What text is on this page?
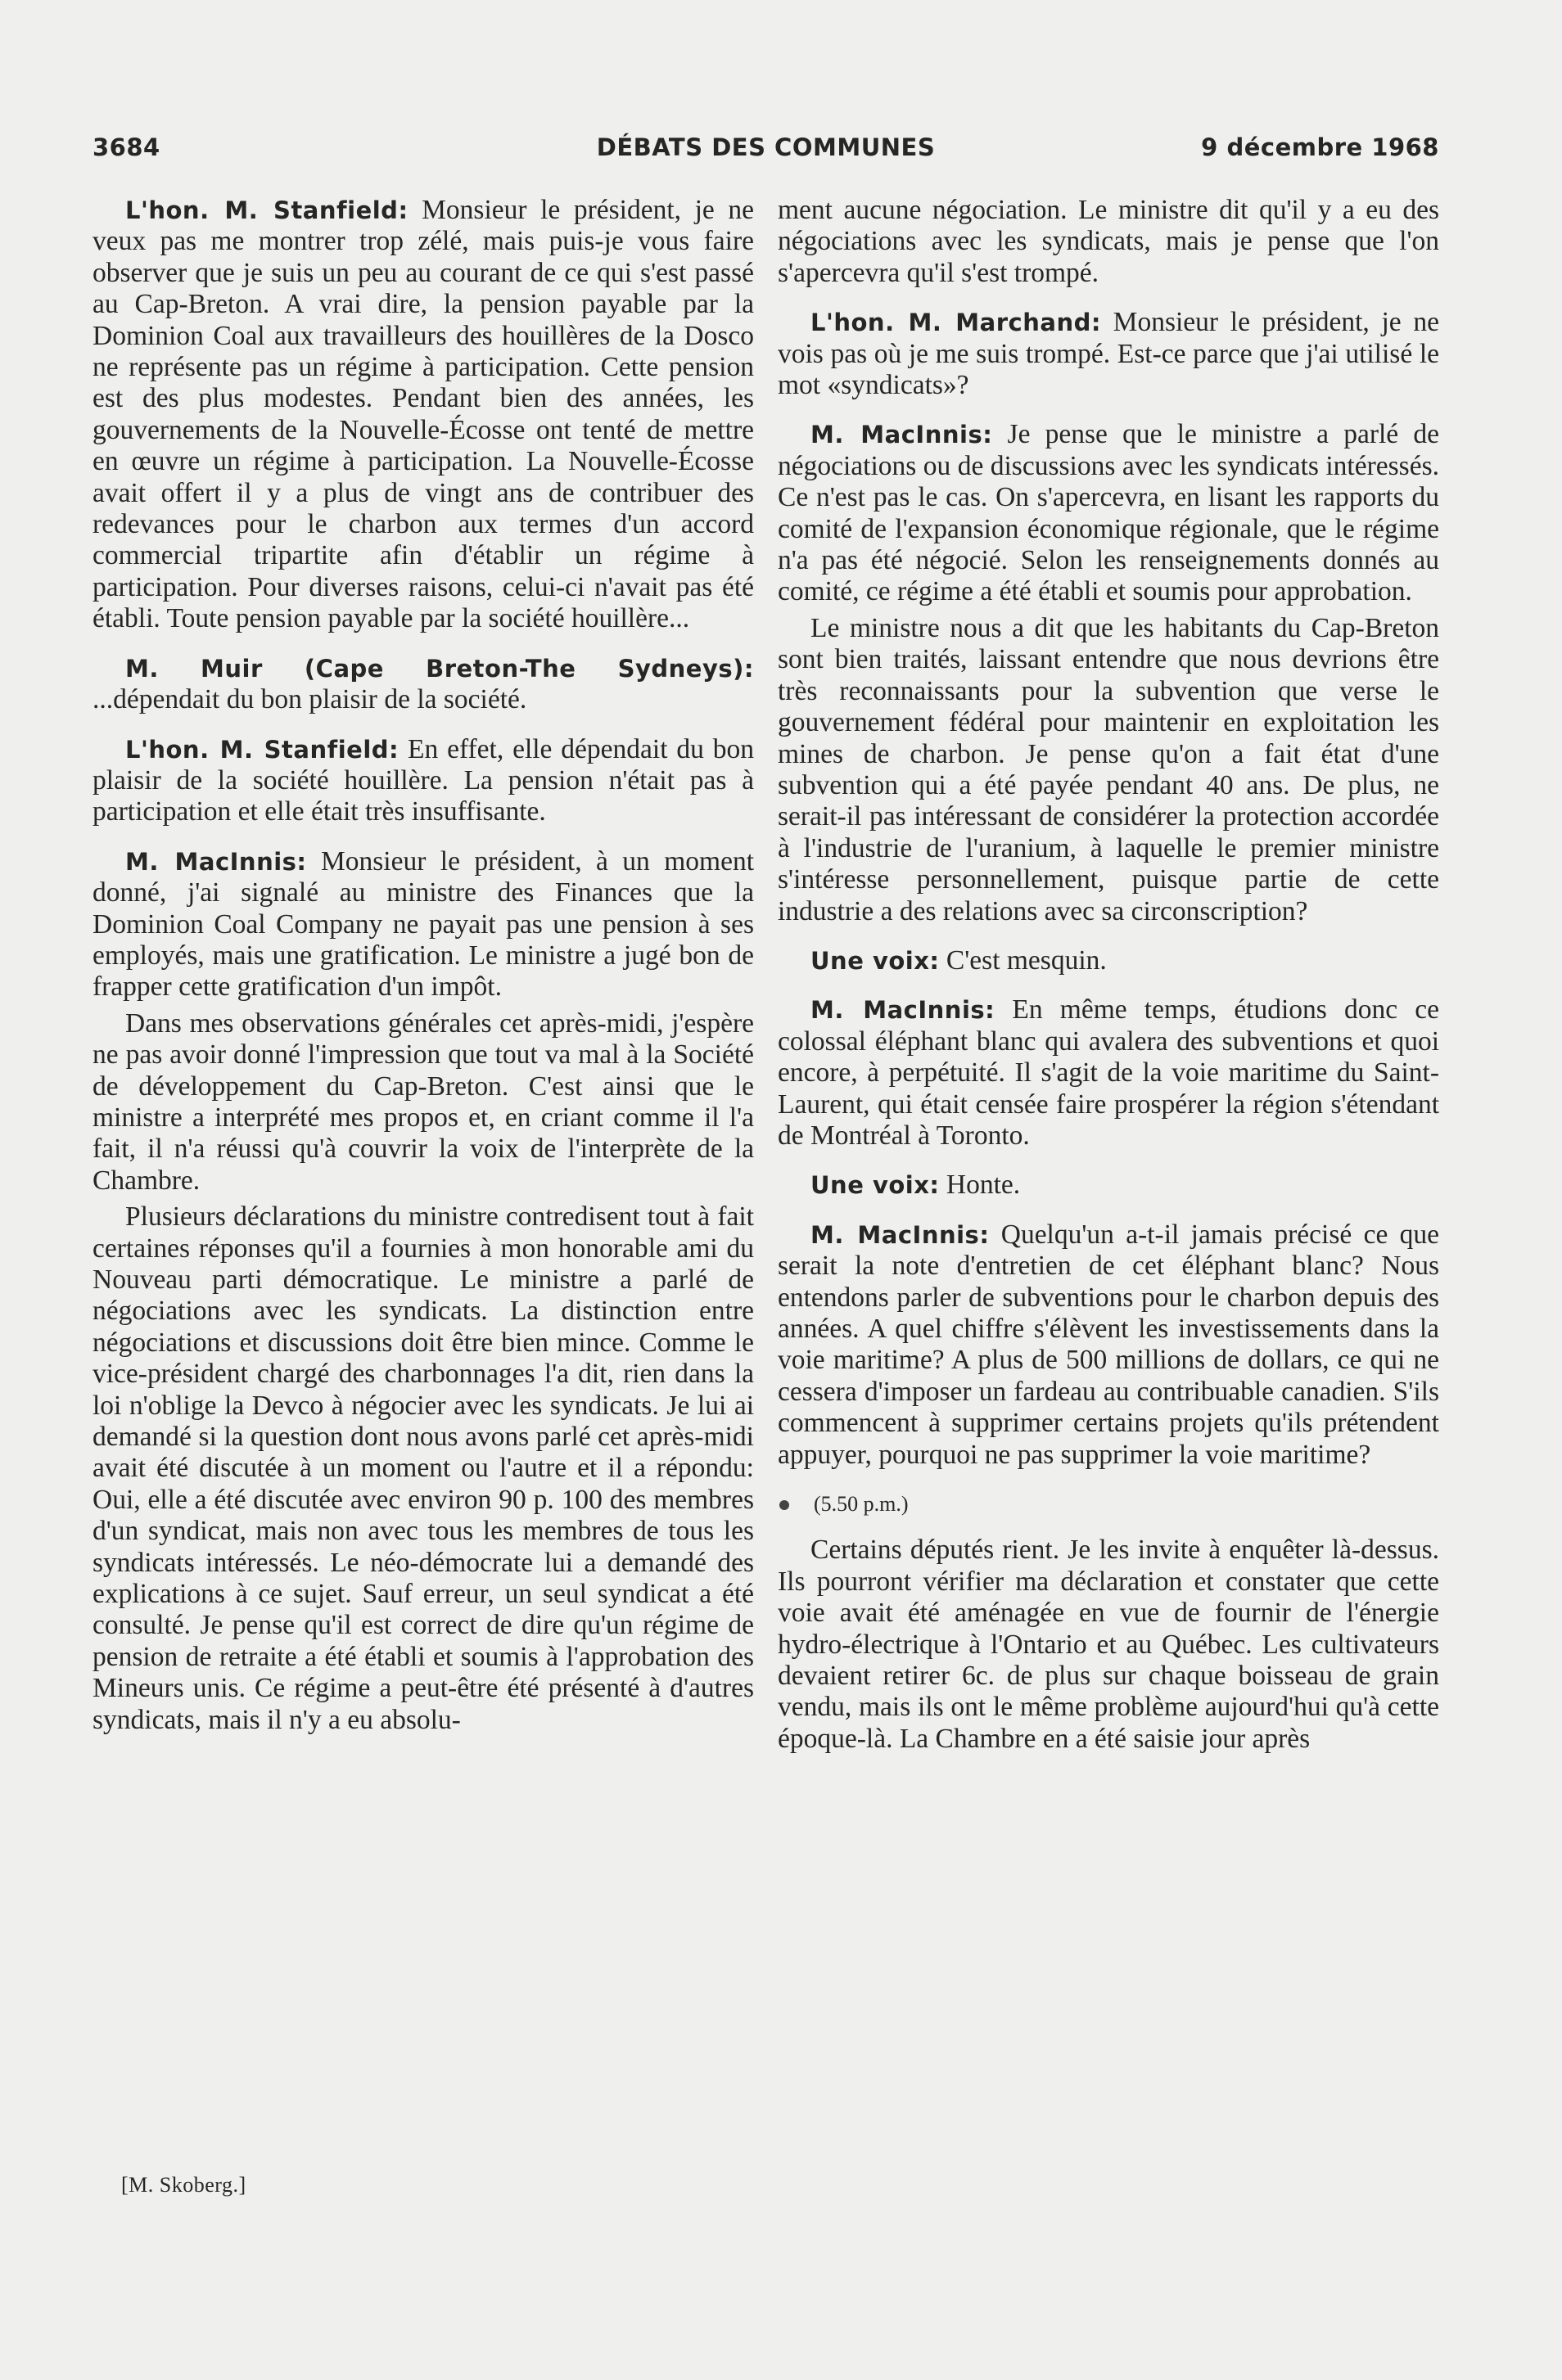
3684	DÉBATS DES COMMUNES	9 décembre 1968

L'hon. M. Stanfield: Monsieur le président, je ne veux pas me montrer trop zélé, mais puis-je vous faire observer que je suis un peu au courant de ce qui s'est passé au Cap-Breton. A vrai dire, la pension payable par la Dominion Coal aux travailleurs des houillères de la Dosco ne représente pas un régime à participation. Cette pension est des plus modestes. Pendant bien des années, les gouvernements de la Nouvelle-Écosse ont tenté de mettre en œuvre un régime à participation. La Nouvelle-Écosse avait offert il y a plus de vingt ans de contribuer des redevances pour le charbon aux termes d'un accord commercial tripartite afin d'établir un régime à participation. Pour diverses raisons, celui-ci n'avait pas été établi. Toute pension payable par la société houillère...

M. Muir (Cape Breton-The Sydneys): ...dépendait du bon plaisir de la société.

L'hon. M. Stanfield: En effet, elle dépendait du bon plaisir de la société houillère. La pension n'était pas à participation et elle était très insuffisante.

M. MacInnis: Monsieur le président, à un moment donné, j'ai signalé au ministre des Finances que la Dominion Coal Company ne payait pas une pension à ses employés, mais une gratification. Le ministre a jugé bon de frapper cette gratification d'un impôt.

Dans mes observations générales cet après-midi, j'espère ne pas avoir donné l'impression que tout va mal à la Société de développement du Cap-Breton. C'est ainsi que le ministre a interprété mes propos et, en criant comme il l'a fait, il n'a réussi qu'à couvrir la voix de l'interprète de la Chambre.

Plusieurs déclarations du ministre contredisent tout à fait certaines réponses qu'il a fournies à mon honorable ami du Nouveau parti démocratique. Le ministre a parlé de négociations avec les syndicats. La distinction entre négociations et discussions doit être bien mince. Comme le vice-président chargé des charbonnages l'a dit, rien dans la loi n'oblige la Devco à négocier avec les syndicats. Je lui ai demandé si la question dont nous avons parlé cet après-midi avait été discutée à un moment ou l'autre et il a répondu: Oui, elle a été discutée avec environ 90 p. 100 des membres d'un syndicat, mais non avec tous les membres de tous les syndicats intéressés. Le néo-démocrate lui a demandé des explications à ce sujet. Sauf erreur, un seul syndicat a été consulté. Je pense qu'il est correct de dire qu'un régime de pension de retraite a été établi et soumis à l'approbation des Mineurs unis. Ce régime a peut-être été présenté à d'autres syndicats, mais il n'y a eu absolu-

ment aucune négociation. Le ministre dit qu'il y a eu des négociations avec les syndicats, mais je pense que l'on s'apercevra qu'il s'est trompé.

L'hon. M. Marchand: Monsieur le président, je ne vois pas où je me suis trompé. Est-ce parce que j'ai utilisé le mot «syndicats»?

M. MacInnis: Je pense que le ministre a parlé de négociations ou de discussions avec les syndicats intéressés. Ce n'est pas le cas. On s'apercevra, en lisant les rapports du comité de l'expansion économique régionale, que le régime n'a pas été négocié. Selon les renseignements donnés au comité, ce régime a été établi et soumis pour approbation.

Le ministre nous a dit que les habitants du Cap-Breton sont bien traités, laissant entendre que nous devrions être très reconnaissants pour la subvention que verse le gouvernement fédéral pour maintenir en exploitation les mines de charbon. Je pense qu'on a fait état d'une subvention qui a été payée pendant 40 ans. De plus, ne serait-il pas intéressant de considérer la protection accordée à l'industrie de l'uranium, à laquelle le premier ministre s'intéresse personnellement, puisque partie de cette industrie a des relations avec sa circonscription?

Une voix: C'est mesquin.

M. MacInnis: En même temps, étudions donc ce colossal éléphant blanc qui avalera des subventions et quoi encore, à perpétuité. Il s'agit de la voie maritime du Saint-Laurent, qui était censée faire prospérer la région s'étendant de Montréal à Toronto.

Une voix: Honte.

M. MacInnis: Quelqu'un a-t-il jamais précisé ce que serait la note d'entretien de cet éléphant blanc? Nous entendons parler de subventions pour le charbon depuis des années. A quel chiffre s'élèvent les investissements dans la voie maritime? A plus de 500 millions de dollars, ce qui ne cessera d'imposer un fardeau au contribuable canadien. S'ils commencent à supprimer certains projets qu'ils prétendent appuyer, pourquoi ne pas supprimer la voie maritime?

(5.50 p.m.)

Certains députés rient. Je les invite à enquêter là-dessus. Ils pourront vérifier ma déclaration et constater que cette voie avait été aménagée en vue de fournir de l'énergie hydro-électrique à l'Ontario et au Québec. Les cultivateurs devaient retirer 6c. de plus sur chaque boisseau de grain vendu, mais ils ont le même problème aujourd'hui qu'à cette époque-là. La Chambre en a été saisie jour après

[M. Skoberg.]
